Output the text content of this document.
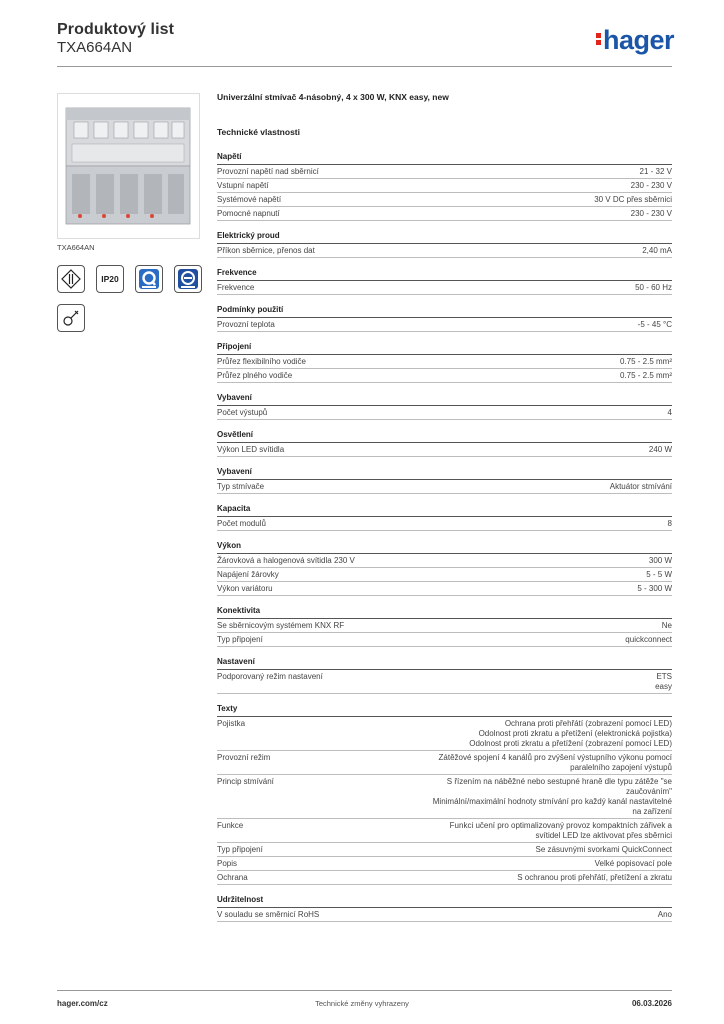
Produktový list
TXA664AN	hager
TXA664AN
IP20
Univerzální stmívač 4-násobný, 4 x 300 W, KNX easy, new
Technické vlastnosti
Napětí
Provozní napětí nad sběrnicí	21 - 32 V
Vstupní napětí	230 - 230 V
Systémové napětí	30 V DC přes sběrnici
Pomocné napnutí	230 - 230 V
Elektrický proud
Příkon sběrnice, přenos dat	2,40 mA
Frekvence
Frekvence	50 - 60 Hz
Podmínky použití
Provozní teplota	-5 - 45 °C
Připojení
Průřez flexibilního vodiče	0.75 - 2.5 mm²
Průřez plného vodiče	0.75 - 2.5 mm²
Vybavení
Počet výstupů	4
Osvětlení
Výkon LED svítidla	240 W
Vybavení
Typ stmívače	Aktuátor stmívání
Kapacita
Počet modulů	8
Výkon
Žárovková a halogenová svítidla 230 V	300 W
Napájení žárovky	5 - 5 W
Výkon variátoru	5 - 300 W
Konektivita
Se sběrnicovým systémem KNX RF	Ne
Typ připojení	quickconnect
Nastavení
Podporovaný režim nastavení	ETS
easy
Texty
Pojistka	Ochrana proti přehřátí (zobrazení pomocí LED)
Odolnost proti zkratu a přetížení (elektronická pojistka)
Odolnost proti zkratu a přetížení (zobrazení pomocí LED)
Provozní režim	Zátěžové spojení 4 kanálů pro zvýšení výstupního výkonu pomocí
paralelního zapojení výstupů
Princip stmívání	S řízením na náběžné nebo sestupné hraně dle typu zátěže "se
zaučováním"
Minimální/maximální hodnoty stmívání pro každý kanál nastavitelné
na zařízení
Funkce	Funkci učení pro optimalizovaný provoz kompaktních zářivek a
svítidel LED lze aktivovat přes sběrnici
Typ připojení	Se zásuvnými svorkami QuickConnect
Popis	Velké popisovací pole
Ochrana	S ochranou proti přehřátí, přetížení a zkratu
Udržitelnost
V souladu se směrnicí RoHS	Ano
hager.com/cz	Technické změny vyhrazeny	06.03.2026
